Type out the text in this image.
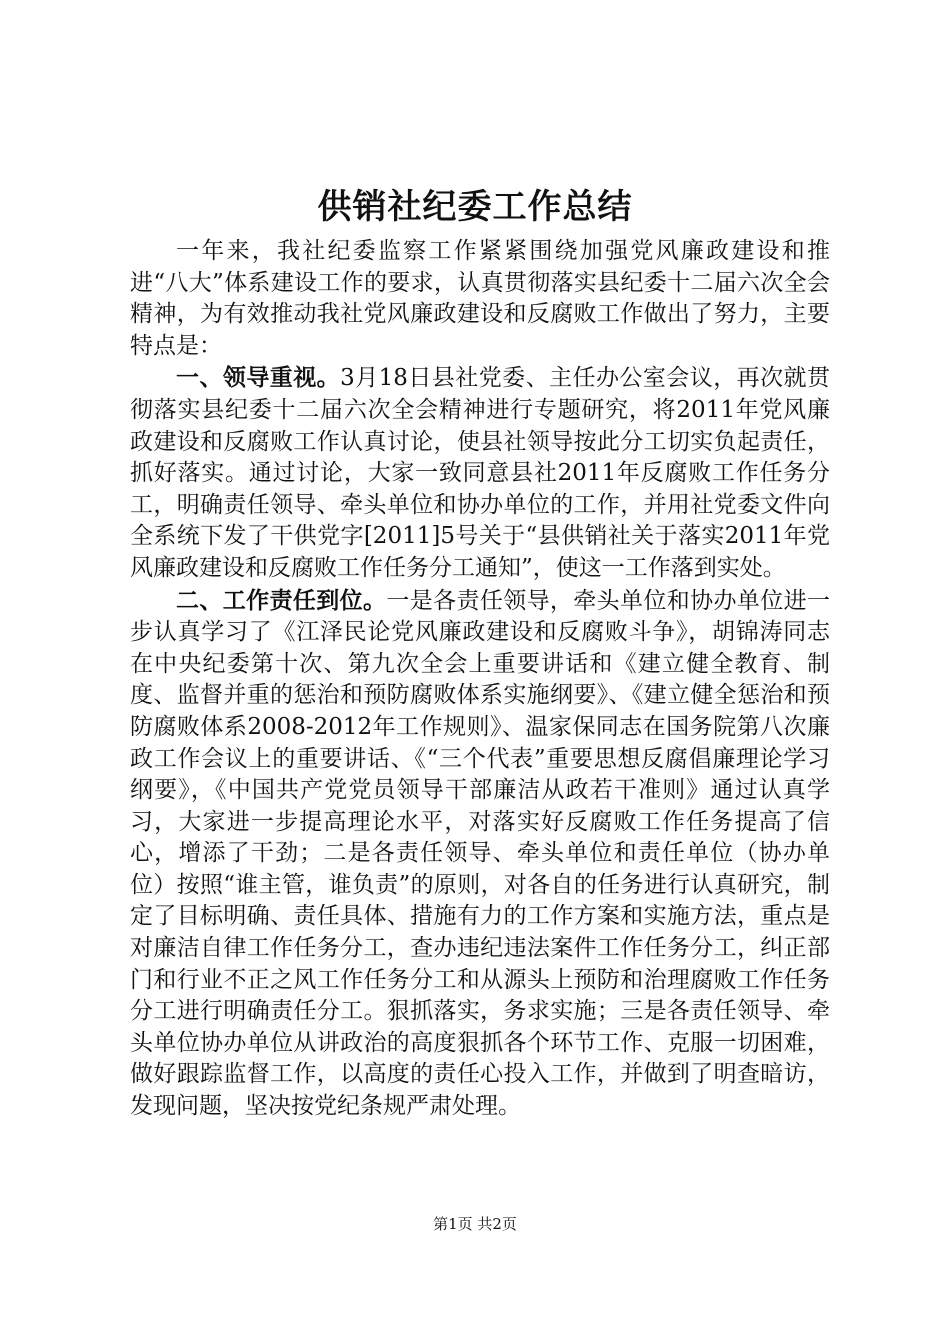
供销社纪委工作总结

一年来，我社纪委监察工作紧紧围绕加强党风廉政建设和推进“八大”体系建设工作的要求，认真贯彻落实县纪委十二届六次全会精神，为有效推动我社党风廉政建设和反腐败工作做出了努力，主要特点是：

一、领导重视。3月18日县社党委、主任办公室会议，再次就贯彻落实县纪委十二届六次全会精神进行专题研究，将2011年党风廉政建设和反腐败工作认真讨论，使县社领导按此分工切实负起责任，抓好落实。通过讨论，大家一致同意县社2011年反腐败工作任务分工，明确责任领导、牵头单位和协办单位的工作，并用社党委文件向全系统下发了干供党字[2011]5号关于“县供销社关于落实2011年党风廉政建设和反腐败工作任务分工通知”，使这一工作落到实处。

二、工作责任到位。一是各责任领导，牵头单位和协办单位进一步认真学习了《江泽民论党风廉政建设和反腐败斗争》，胡锦涛同志在中央纪委第十次、第九次全会上重要讲话和《建立健全教育、制度、监督并重的惩治和预防腐败体系实施纲要》、《建立健全惩治和预防腐败体系2008-2012年工作规则》、温家保同志在国务院第八次廉政工作会议上的重要讲话、《“三个代表”重要思想反腐倡廉理论学习纲要》，《中国共产党党员领导干部廉洁从政若干准则》通过认真学习，大家进一步提高理论水平，对落实好反腐败工作任务提高了信心，增添了干劲；二是各责任领导、牵头单位和责任单位（协办单位）按照“谁主管，谁负责”的原则，对各自的任务进行认真研究，制定了目标明确、责任具体、措施有力的工作方案和实施方法，重点是对廉洁自律工作任务分工，查办违纪违法案件工作任务分工，纠正部门和行业不正之风工作任务分工和从源头上预防和治理腐败工作任务分工进行明确责任分工。狠抓落实，务求实施；三是各责任领导、牵头单位协办单位从讲政治的高度狠抓各个环节工作、克服一切困难，做好跟踪监督工作，以高度的责任心投入工作，并做到了明查暗访，发现问题，坚决按党纪条规严肃处理。

第1页 共2页
